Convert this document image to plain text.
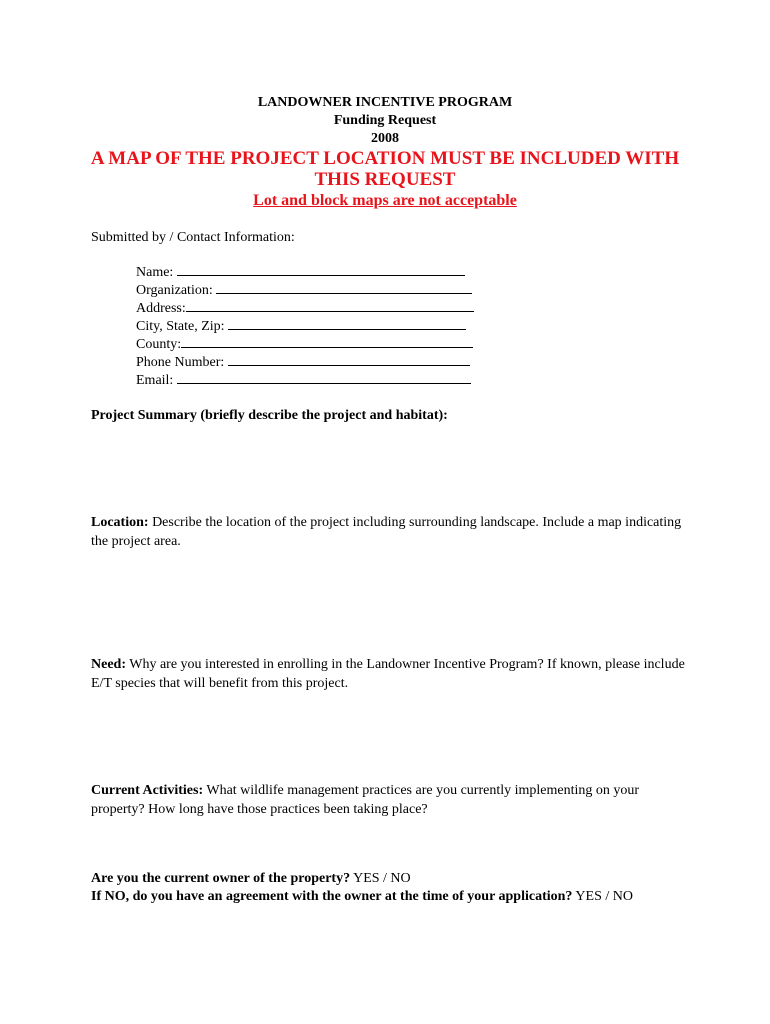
LANDOWNER INCENTIVE PROGRAM
Funding Request
2008
A MAP OF THE PROJECT LOCATION MUST BE INCLUDED WITH
THIS REQUEST
Lot and block maps are not acceptable
Submitted by / Contact Information:
Name:
Organization:
Address:
City, State, Zip:
County:
Phone Number:
Email:
Project Summary (briefly describe the project and habitat):
Location: Describe the location of the project including surrounding landscape. Include a map indicating the project area.
Need: Why are you interested in enrolling in the Landowner Incentive Program? If known, please include E/T species that will benefit from this project.
Current Activities: What wildlife management practices are you currently implementing on your property? How long have those practices been taking place?
Are you the current owner of the property? YES / NO
If NO, do you have an agreement with the owner at the time of your application? YES / NO
